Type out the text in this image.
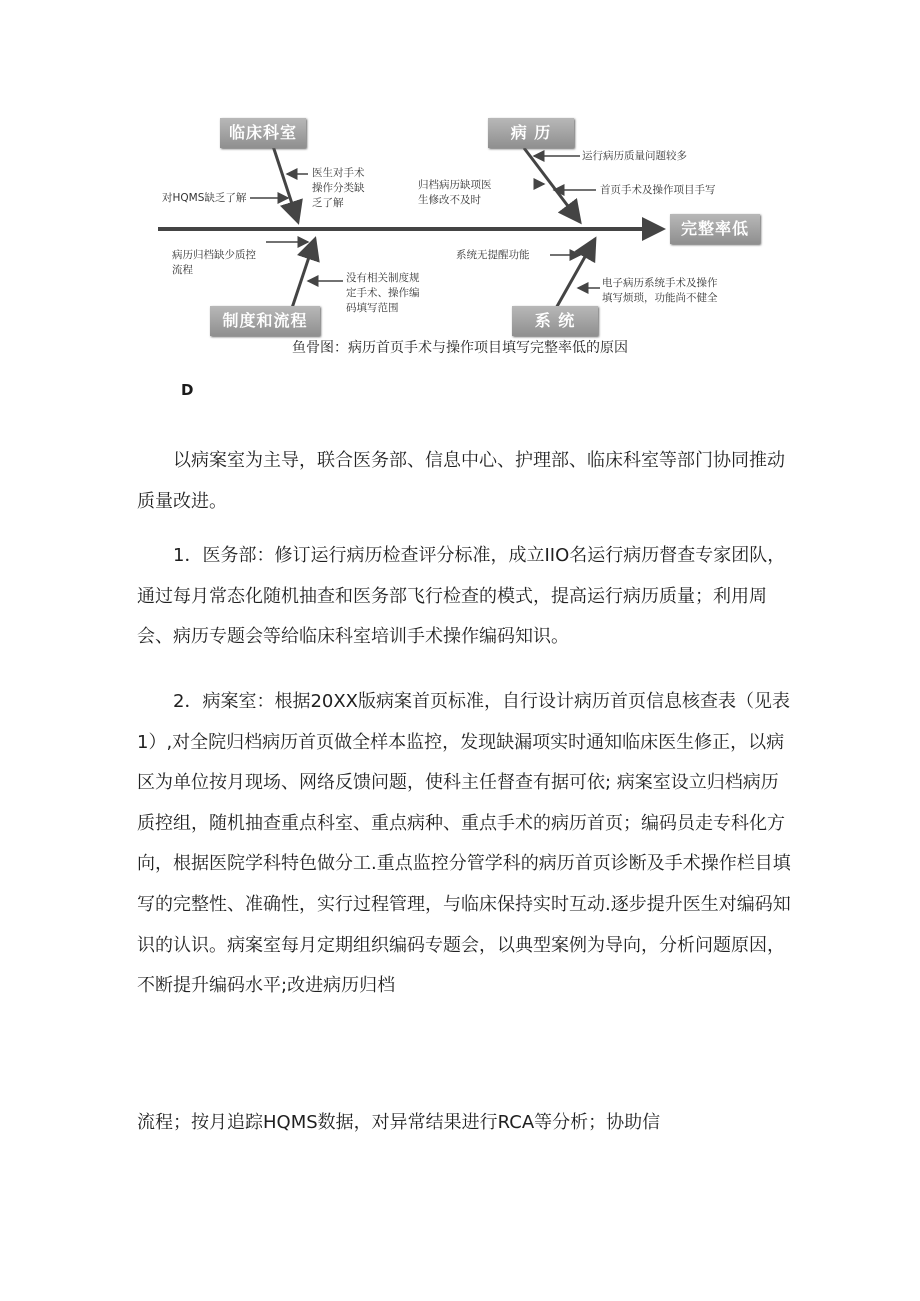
临床科室	病 历
完整率低
制度和流程	系 统
对HQMS缺乏了解
医生对手术
操作分类缺
乏了解
归档病历缺项医
生修改不及时
运行病历质量问题较多
首页手术及操作项目手写
病历归档缺少质控
流程
没有相关制度规
定手术、操作编
码填写范围
系统无提醒功能
电子病历系统手术及操作
填写烦琐，功能尚不健全
鱼骨图：病历首页手术与操作项目填写完整率低的原因
D
以病案室为主导，联合医务部、信息中心、护理部、临床科室等部门协同推动质量改进。
1．医务部：修订运行病历检查评分标准，成立IIO名运行病历督查专家团队，通过每月常态化随机抽查和医务部飞行检查的模式，提高运行病历质量；利用周会、病历专题会等给临床科室培训手术操作编码知识。
2．病案室：根据20XX版病案首页标准，自行设计病历首页信息核查表（见表1）,对全院归档病历首页做全样本监控，发现缺漏项实时通知临床医生修正，以病区为单位按月现场、网络反馈问题，使科主任督查有据可依; 病案室设立归档病历质控组，随机抽查重点科室、重点病种、重点手术的病历首页；编码员走专科化方向，根据医院学科特色做分工.重点监控分管学科的病历首页诊断及手术操作栏目填写的完整性、准确性，实行过程管理，与临床保持实时互动.逐步提升医生对编码知识的认识。病案室每月定期组织编码专题会，以典型案例为导向，分析问题原因，不断提升编码水平;改进病历归档
流程；按月追踪HQMS数据，对异常结果进行RCA等分析；协助信
